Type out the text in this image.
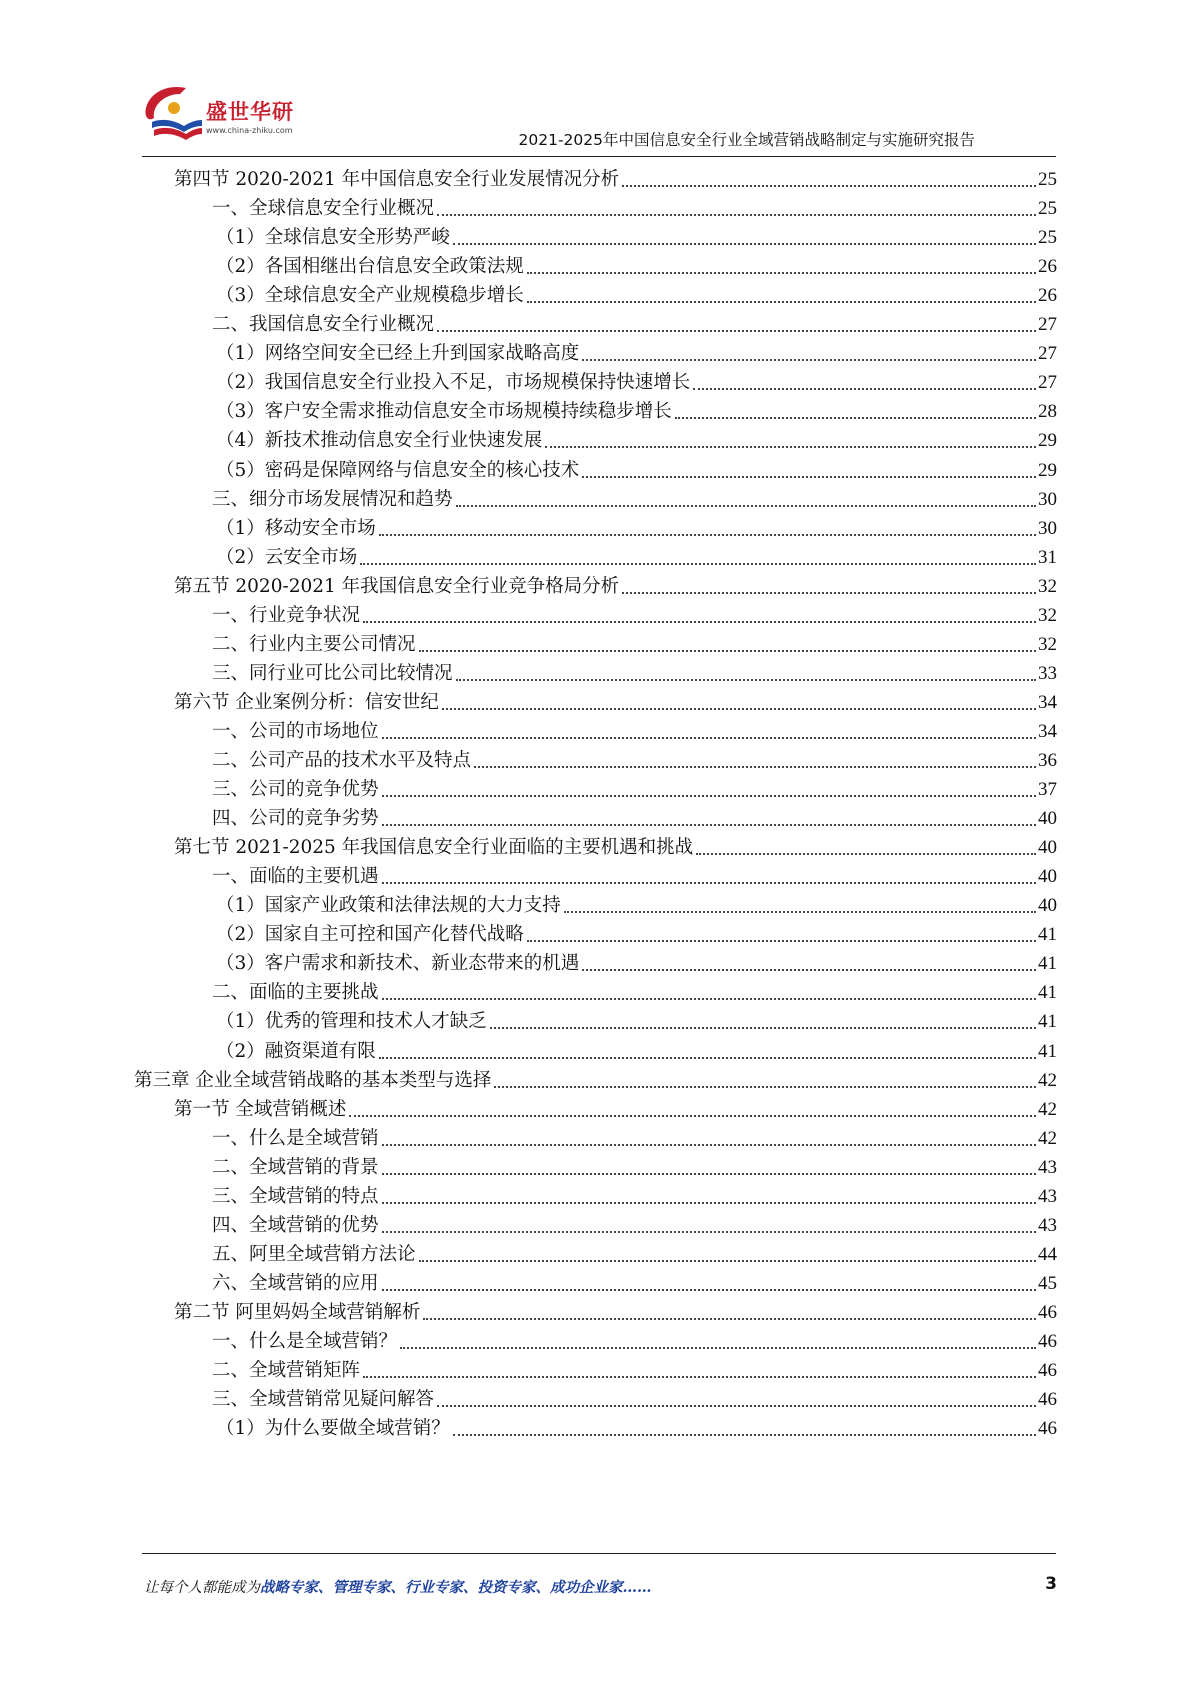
盛世华研
www.china-zhiku.com
2021-2025年中国信息安全行业全域营销战略制定与实施研究报告
第四节 2020-2021 年中国信息安全行业发展情况分析	25
一、全球信息安全行业概况	25
（1）全球信息安全形势严峻	25
（2）各国相继出台信息安全政策法规	26
（3）全球信息安全产业规模稳步增长	26
二、我国信息安全行业概况	27
（1）网络空间安全已经上升到国家战略高度	27
（2）我国信息安全行业投入不足，市场规模保持快速增长	27
（3）客户安全需求推动信息安全市场规模持续稳步增长	28
（4）新技术推动信息安全行业快速发展	29
（5）密码是保障网络与信息安全的核心技术	29
三、细分市场发展情况和趋势	30
（1）移动安全市场	30
（2）云安全市场	31
第五节 2020-2021 年我国信息安全行业竞争格局分析	32
一、行业竞争状况	32
二、行业内主要公司情况	32
三、同行业可比公司比较情况	33
第六节 企业案例分析：信安世纪	34
一、公司的市场地位	34
二、公司产品的技术水平及特点	36
三、公司的竞争优势	37
四、公司的竞争劣势	40
第七节 2021-2025 年我国信息安全行业面临的主要机遇和挑战	40
一、面临的主要机遇	40
（1）国家产业政策和法律法规的大力支持	40
（2）国家自主可控和国产化替代战略	41
（3）客户需求和新技术、新业态带来的机遇	41
二、面临的主要挑战	41
（1）优秀的管理和技术人才缺乏	41
（2）融资渠道有限	41
第三章 企业全域营销战略的基本类型与选择	42
第一节 全域营销概述	42
一、什么是全域营销	42
二、全域营销的背景	43
三、全域营销的特点	43
四、全域营销的优势	43
五、阿里全域营销方法论	44
六、全域营销的应用	45
第二节 阿里妈妈全域营销解析	46
一、什么是全域营销？	46
二、全域营销矩阵	46
三、全域营销常见疑问解答	46
（1）为什么要做全域营销？	46
让每个人都能成为战略专家、管理专家、行业专家、投资专家、成功企业家……	3
